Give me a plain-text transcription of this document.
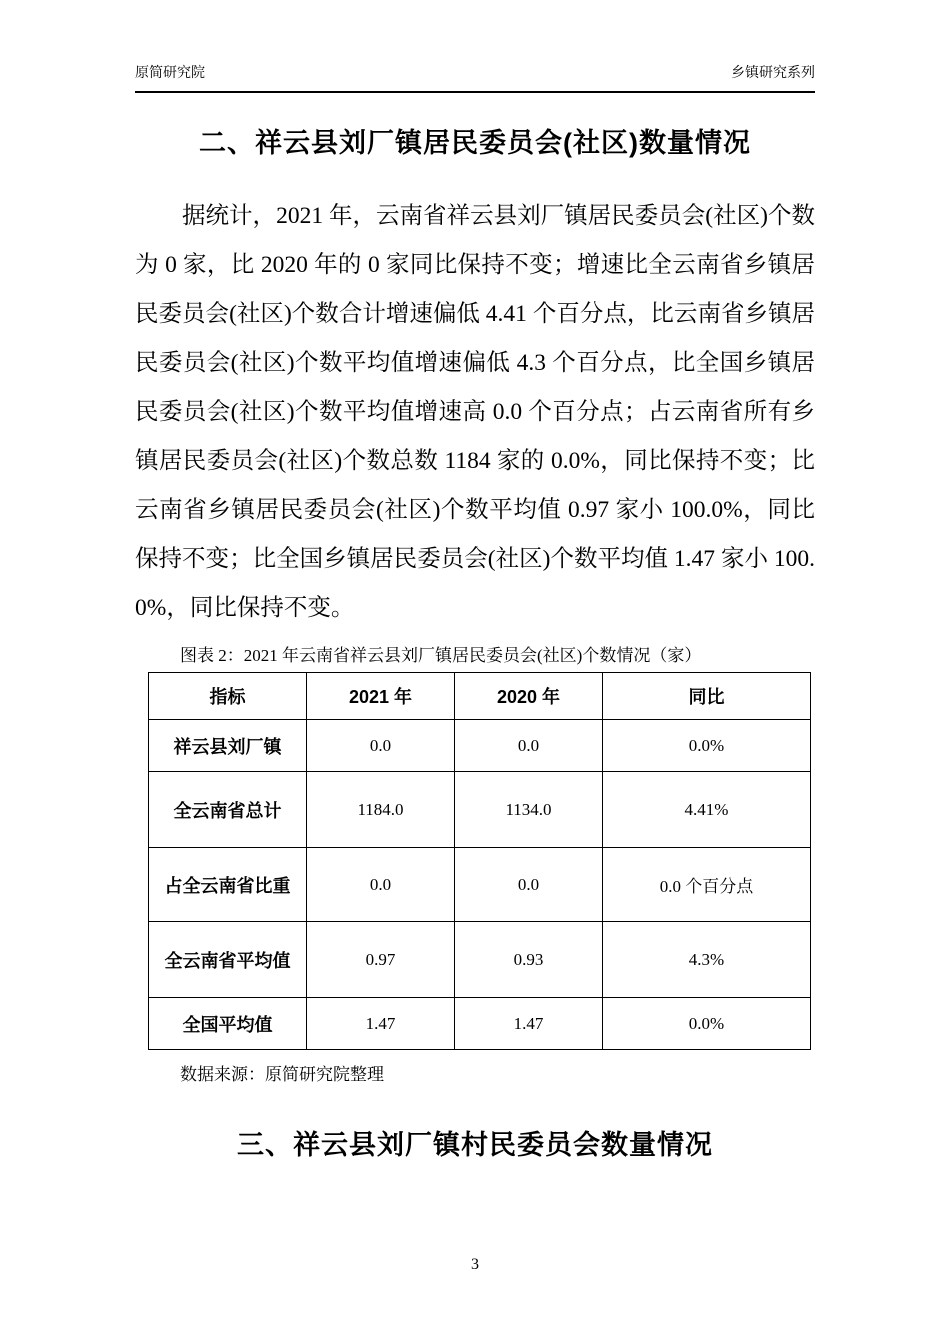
原简研究院	乡镇研究系列
二、祥云县刘厂镇居民委员会(社区)数量情况

据统计，2021 年，云南省祥云县刘厂镇居民委员会(社区)个数为 0 家，比 2020 年的 0 家同比保持不变；增速比全云南省乡镇居民委员会(社区)个数合计增速偏低 4.41 个百分点，比云南省乡镇居民委员会(社区)个数平均值增速偏低 4.3 个百分点，比全国乡镇居民委员会(社区)个数平均值增速高 0.0 个百分点；占云南省所有乡镇居民委员会(社区)个数总数 1184 家的 0.0%，同比保持不变；比云南省乡镇居民委员会(社区)个数平均值 0.97 家小 100.0%，同比保持不变；比全国乡镇居民委员会(社区)个数平均值 1.47 家小 100.0%，同比保持不变。

图表 2：2021 年云南省祥云县刘厂镇居民委员会(社区)个数情况（家）
指标	2021 年	2020 年	同比
祥云县刘厂镇	0.0	0.0	0.0%
全云南省总计	1184.0	1134.0	4.41%
占全云南省比重	0.0	0.0	0.0 个百分点
全云南省平均值	0.97	0.93	4.3%
全国平均值	1.47	1.47	0.0%
数据来源：原简研究院整理
三、祥云县刘厂镇村民委员会数量情况
3
